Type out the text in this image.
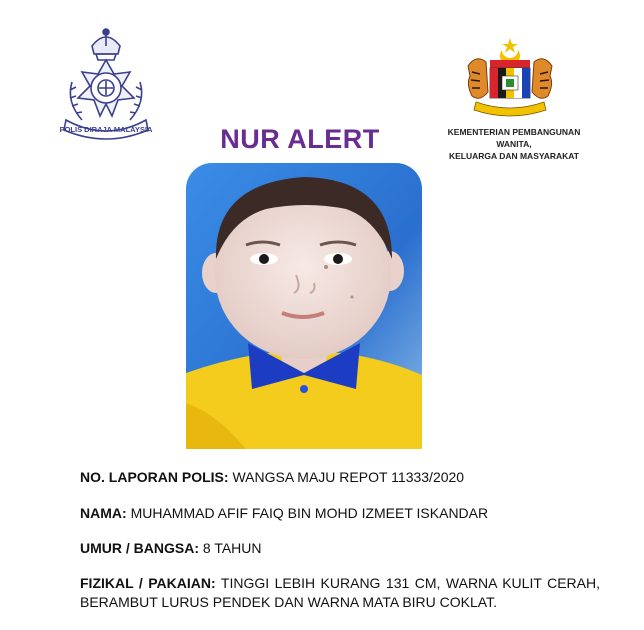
POLIS DIRAJA MALAYSIA	KEMENTERIAN PEMBANGUNAN WANITA,
KELUARGA DAN MASYARAKAT
NUR ALERT
NO. LAPORAN POLIS: WANGSA MAJU REPOT 11333/2020
NAMA: MUHAMMAD AFIF FAIQ BIN MOHD IZMEET ISKANDAR
UMUR / BANGSA: 8 TAHUN
FIZIKAL / PAKAIAN: TINGGI LEBIH KURANG 131 CM, WARNA KULIT CERAH, BERAMBUT LURUS PENDEK DAN WARNA MATA BIRU COKLAT.
